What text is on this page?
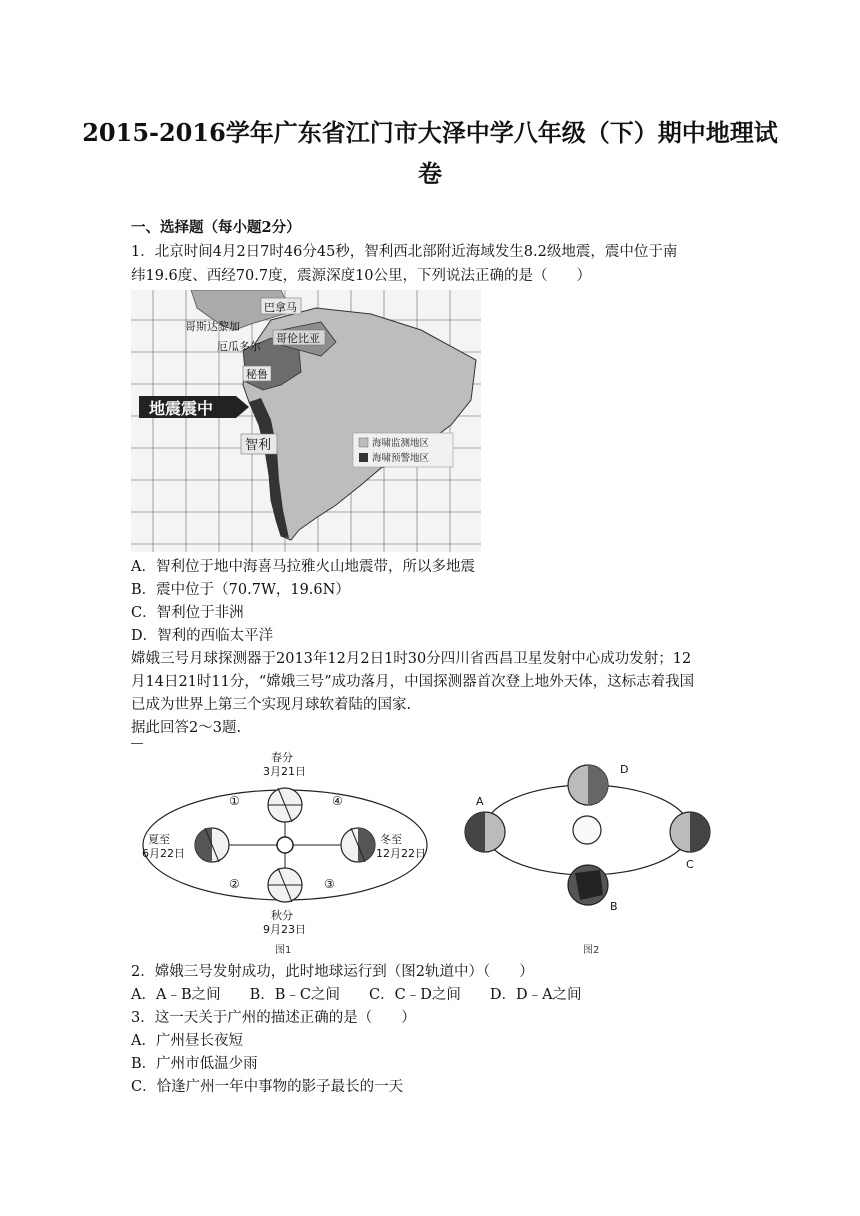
2015-2016学年广东省江门市大泽中学八年级（下）期中地理试
卷
一、选择题（每小题2分）
1．北京时间4月2日7时46分45秒，智利西北部附近海域发生8.2级地震，震中位于南
纬19.6度、西经70.7度，震源深度10公里，下列说法正确的是（　　）
巴拿马
哥斯达黎加
厄瓜多尔
哥伦比亚
秘鲁
地震震中
智利	海啸监测地区
海啸预警地区
A．智利位于地中海喜马拉雅火山地震带，所以多地震
B．震中位于（70.7W，19.6N）
C．智利位于非洲
D．智利的西临太平洋
嫦娥三号月球探测器于2013年12月2日1时30分四川省西昌卫星发射中心成功发射；12
月14日21时11分，“嫦娥三号”成功落月，中国探测器首次登上地外天体，这标志着我国
已成为世界上第三个实现月球软着陆的国家.
据此回答2～3题.
春分
3月21日
夏至
6月22日
冬至
12月22日
秋分
9月23日
①
②	③
④
图1
A
B
C
D
图2
2．嫦娥三号发射成功，此时地球运行到（图2轨道中）（　　）
A．A﹣B之间　　B．B﹣C之间　　C．C﹣D之间　　D．D﹣A之间
3．这一天关于广州的描述正确的是（　　）
A．广州昼长夜短
B．广州市低温少雨
C．恰逢广州一年中事物的影子最长的一天
